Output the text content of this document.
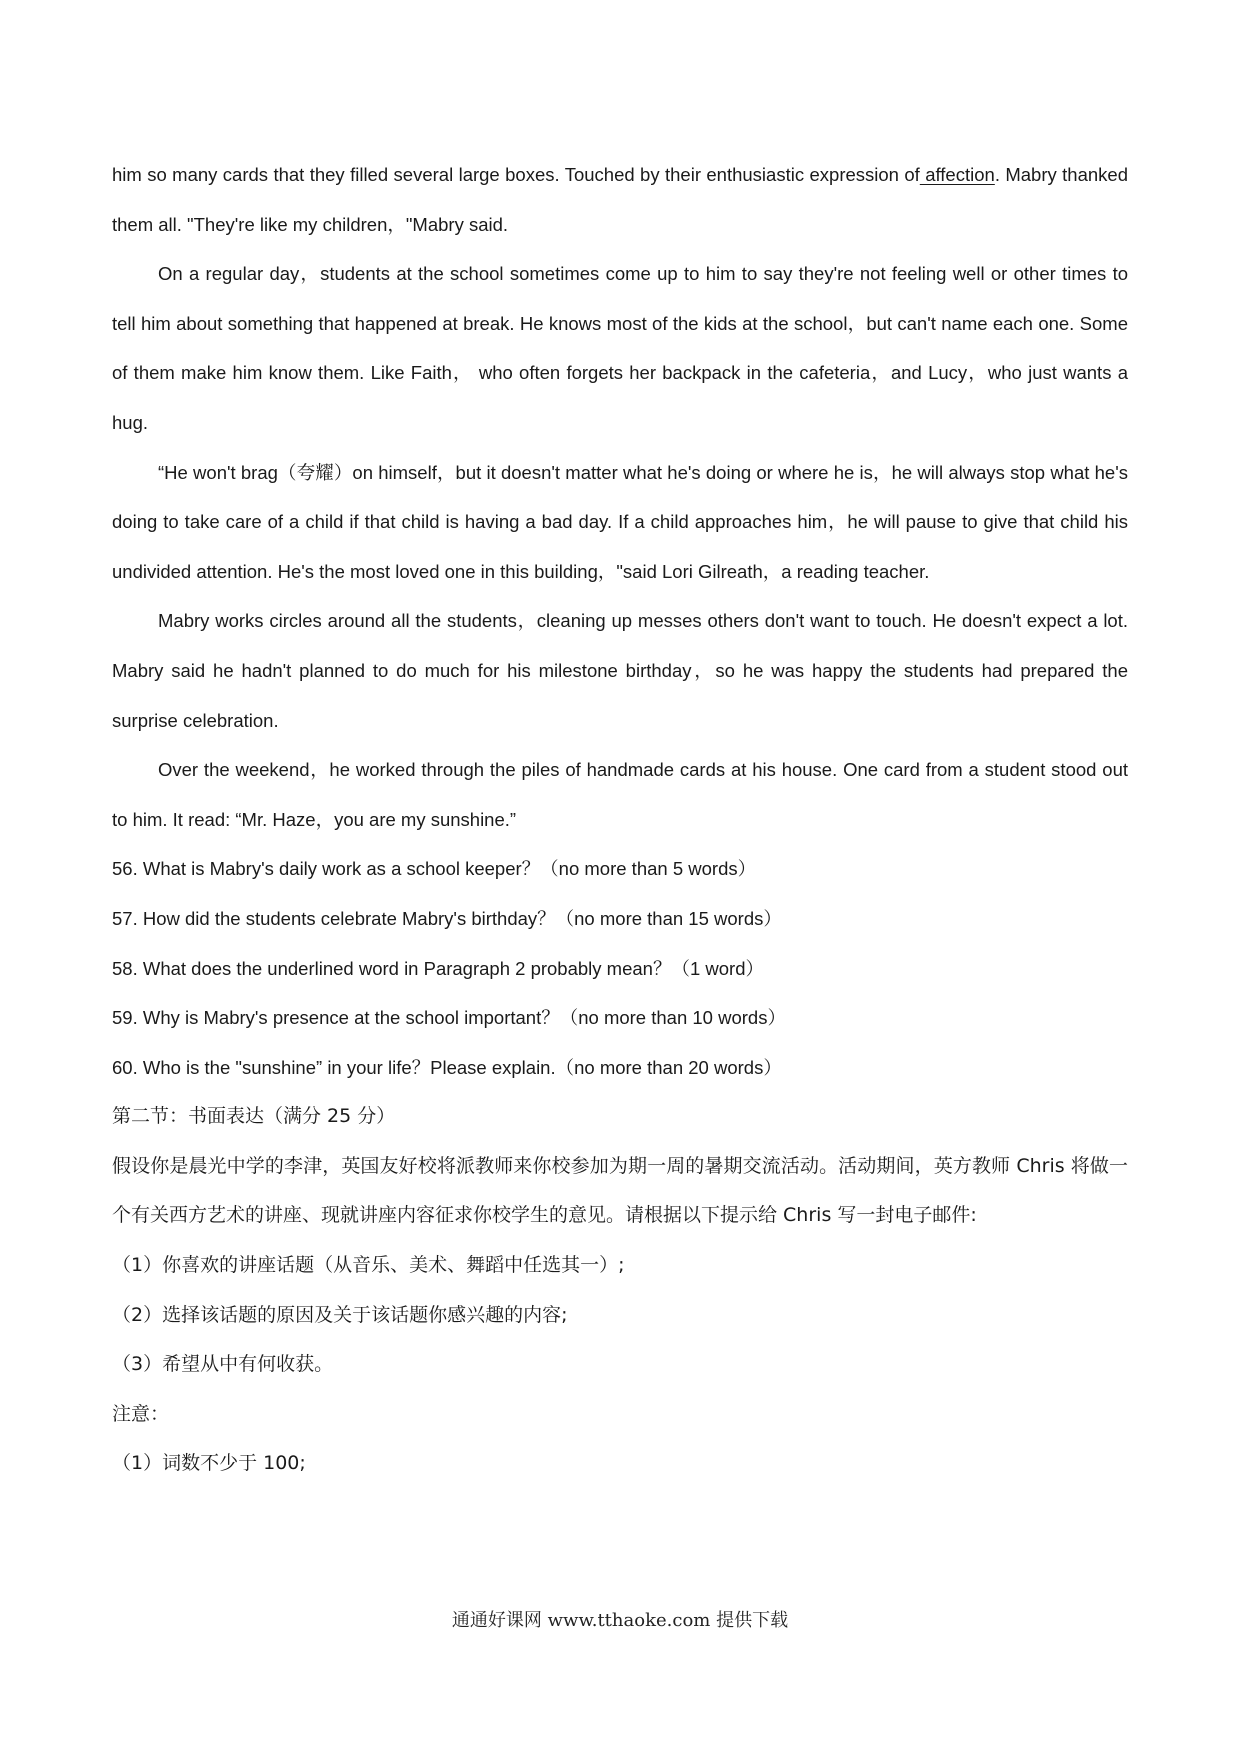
him so many cards that they filled several large boxes. Touched by their enthusiastic expression of affection. Mabry thanked them all. "They're like my children，"Mabry said.

On a regular day，students at the school sometimes come up to him to say they're not feeling well or other times to tell him about something that happened at break. He knows most of the kids at the school，but can't name each one. Some of them make him know them. Like Faith， who often forgets her backpack in the cafeteria，and Lucy，who just wants a hug.

“He won't brag（夸耀）on himself，but it doesn't matter what he's doing or where he is，he will always stop what he's doing to take care of a child if that child is having a bad day. If a child approaches him，he will pause to give that child his undivided attention. He's the most loved one in this building，"said Lori Gilreath，a reading teacher.

Mabry works circles around all the students，cleaning up messes others don't want to touch. He doesn't expect a lot. Mabry said he hadn't planned to do much for his milestone birthday，so he was happy the students had prepared the surprise celebration.

Over the weekend，he worked through the piles of handmade cards at his house. One card from a student stood out to him. It read: “Mr. Haze，you are my sunshine.”

56. What is Mabry's daily work as a school keeper？（no more than 5 words）

57. How did the students celebrate Mabry's birthday？（no more than 15 words）

58. What does the underlined word in Paragraph 2 probably mean？（1 word）

59. Why is Mabry's presence at the school important？（no more than 10 words）

60. Who is the "sunshine” in your life？Please explain.（no more than 20 words）

第二节：书面表达（满分 25 分）

假设你是晨光中学的李津，英国友好校将派教师来你校参加为期一周的暑期交流活动。活动期间，英方教师 Chris 将做一个有关西方艺术的讲座、现就讲座内容征求你校学生的意见。请根据以下提示给 Chris 写一封电子邮件:

（1）你喜欢的讲座话题（从音乐、美术、舞蹈中任选其一）;

（2）选择该话题的原因及关于该话题你感兴趣的内容;

（3）希望从中有何收获。

注意：

（1）词数不少于 100;

通通好课网 www.tthaoke.com 提供下载
